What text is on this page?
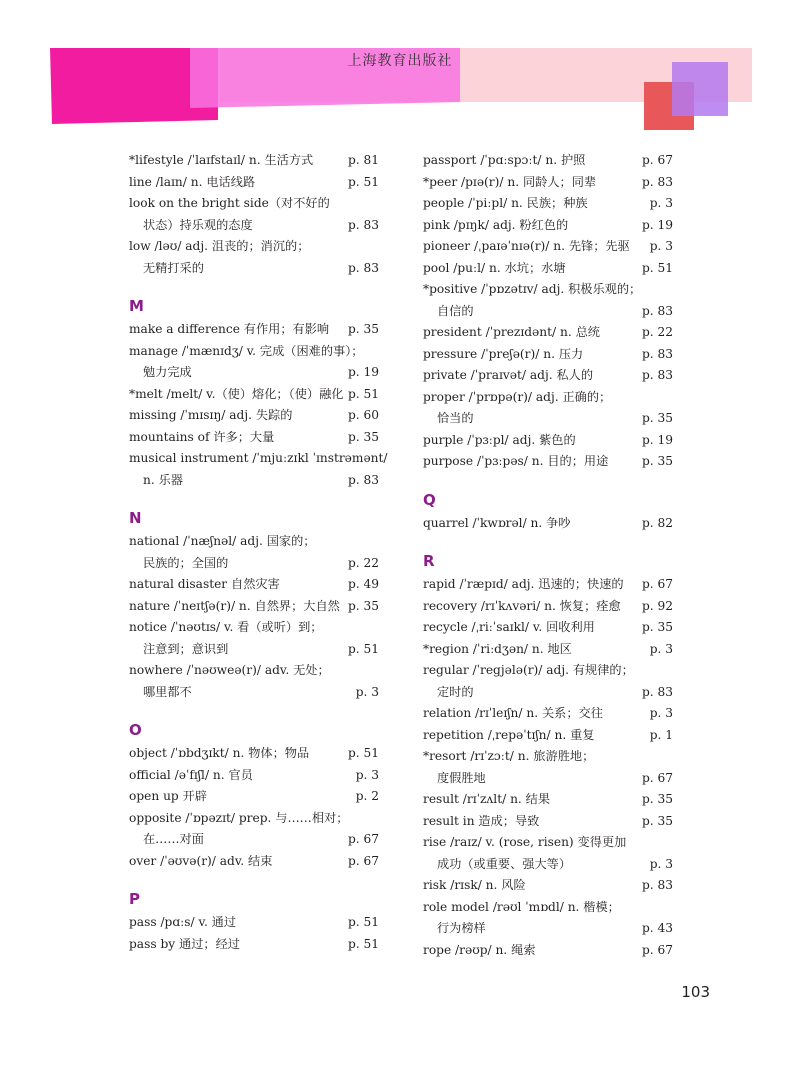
上海教育出版社
*lifestyle /ˈlaɪfstaɪl/ n. 生活方式	p. 81
line /laɪn/ n. 电话线路	p. 51
look on the bright side（对不好的
状态）持乐观的态度	p. 83
low /ləʊ/ adj. 沮丧的；消沉的；
无精打采的	p. 83
M
make a difference 有作用；有影响 p. 35
manage /ˈmænɪdʒ/ v. 完成（困难的事）；
勉力完成	p. 19
*melt /melt/ v.（使）熔化；（使）融化 p. 51
missing /ˈmɪsɪŋ/ adj. 失踪的	p. 60
mountains of 许多；大量	p. 35
musical instrument /ˈmjuːzɪkl ˈɪnstrəmənt/
n. 乐器	p. 83
N
national /ˈnæʃnəl/ adj. 国家的；
民族的；全国的	p. 22
natural disaster 自然灾害	p. 49
nature /ˈneɪtʃə(r)/ n. 自然界；大自然 p. 35
notice /ˈnəʊtɪs/ v. 看（或听）到；
注意到；意识到	p. 51
nowhere /ˈnəʊweə(r)/ adv. 无处；
哪里都不	p. 3
O
object /ˈɒbdʒɪkt/ n. 物体；物品	p. 51
official /əˈfɪʃl/ n. 官员	p. 3
open up 开辟	p. 2
opposite /ˈɒpəzɪt/ prep. 与……相对；
在……对面	p. 67
over /ˈəʊvə(r)/ adv. 结束	p. 67
P
pass /pɑːs/ v. 通过	p. 51
pass by 通过；经过	p. 51
passport /ˈpɑːspɔːt/ n. 护照	p. 67
*peer /pɪə(r)/ n. 同龄人；同辈	p. 83
people /ˈpiːpl/ n. 民族；种族	p. 3
pink /pɪŋk/ adj. 粉红色的	p. 19
pioneer /ˌpaɪəˈnɪə(r)/ n. 先锋；先驱 p. 3
pool /puːl/ n. 水坑；水塘	p. 51
*positive /ˈpɒzətɪv/ adj. 积极乐观的；
自信的	p. 83
president /ˈprezɪdənt/ n. 总统	p. 22
pressure /ˈpreʃə(r)/ n. 压力	p. 83
private /ˈpraɪvət/ adj. 私人的	p. 83
proper /ˈprɒpə(r)/ adj. 正确的；
恰当的	p. 35
purple /ˈpɜːpl/ adj. 紫色的	p. 19
purpose /ˈpɜːpəs/ n. 目的；用途	p. 35
Q
quarrel /ˈkwɒrəl/ n. 争吵	p. 82
R
rapid /ˈræpɪd/ adj. 迅速的；快速的 p. 67
recovery /rɪˈkʌvəri/ n. 恢复；痊愈 p. 92
recycle /ˌriːˈsaɪkl/ v. 回收利用	p. 35
*region /ˈriːdʒən/ n. 地区	p. 3
regular /ˈregjələ(r)/ adj. 有规律的；
定时的	p. 83
relation /rɪˈleɪʃn/ n. 关系；交往	p. 3
repetition /ˌrepəˈtɪʃn/ n. 重复	p. 1
*resort /rɪˈzɔːt/ n. 旅游胜地；
度假胜地	p. 67
result /rɪˈzʌlt/ n. 结果	p. 35
result in 造成；导致	p. 35
rise /raɪz/ v. (rose, risen) 变得更加
成功（或重要、强大等）	p. 3
risk /rɪsk/ n. 风险	p. 83
role model /rəʊl ˈmɒdl/ n. 楷模；
行为榜样	p. 43
rope /rəʊp/ n. 绳索	p. 67
103
